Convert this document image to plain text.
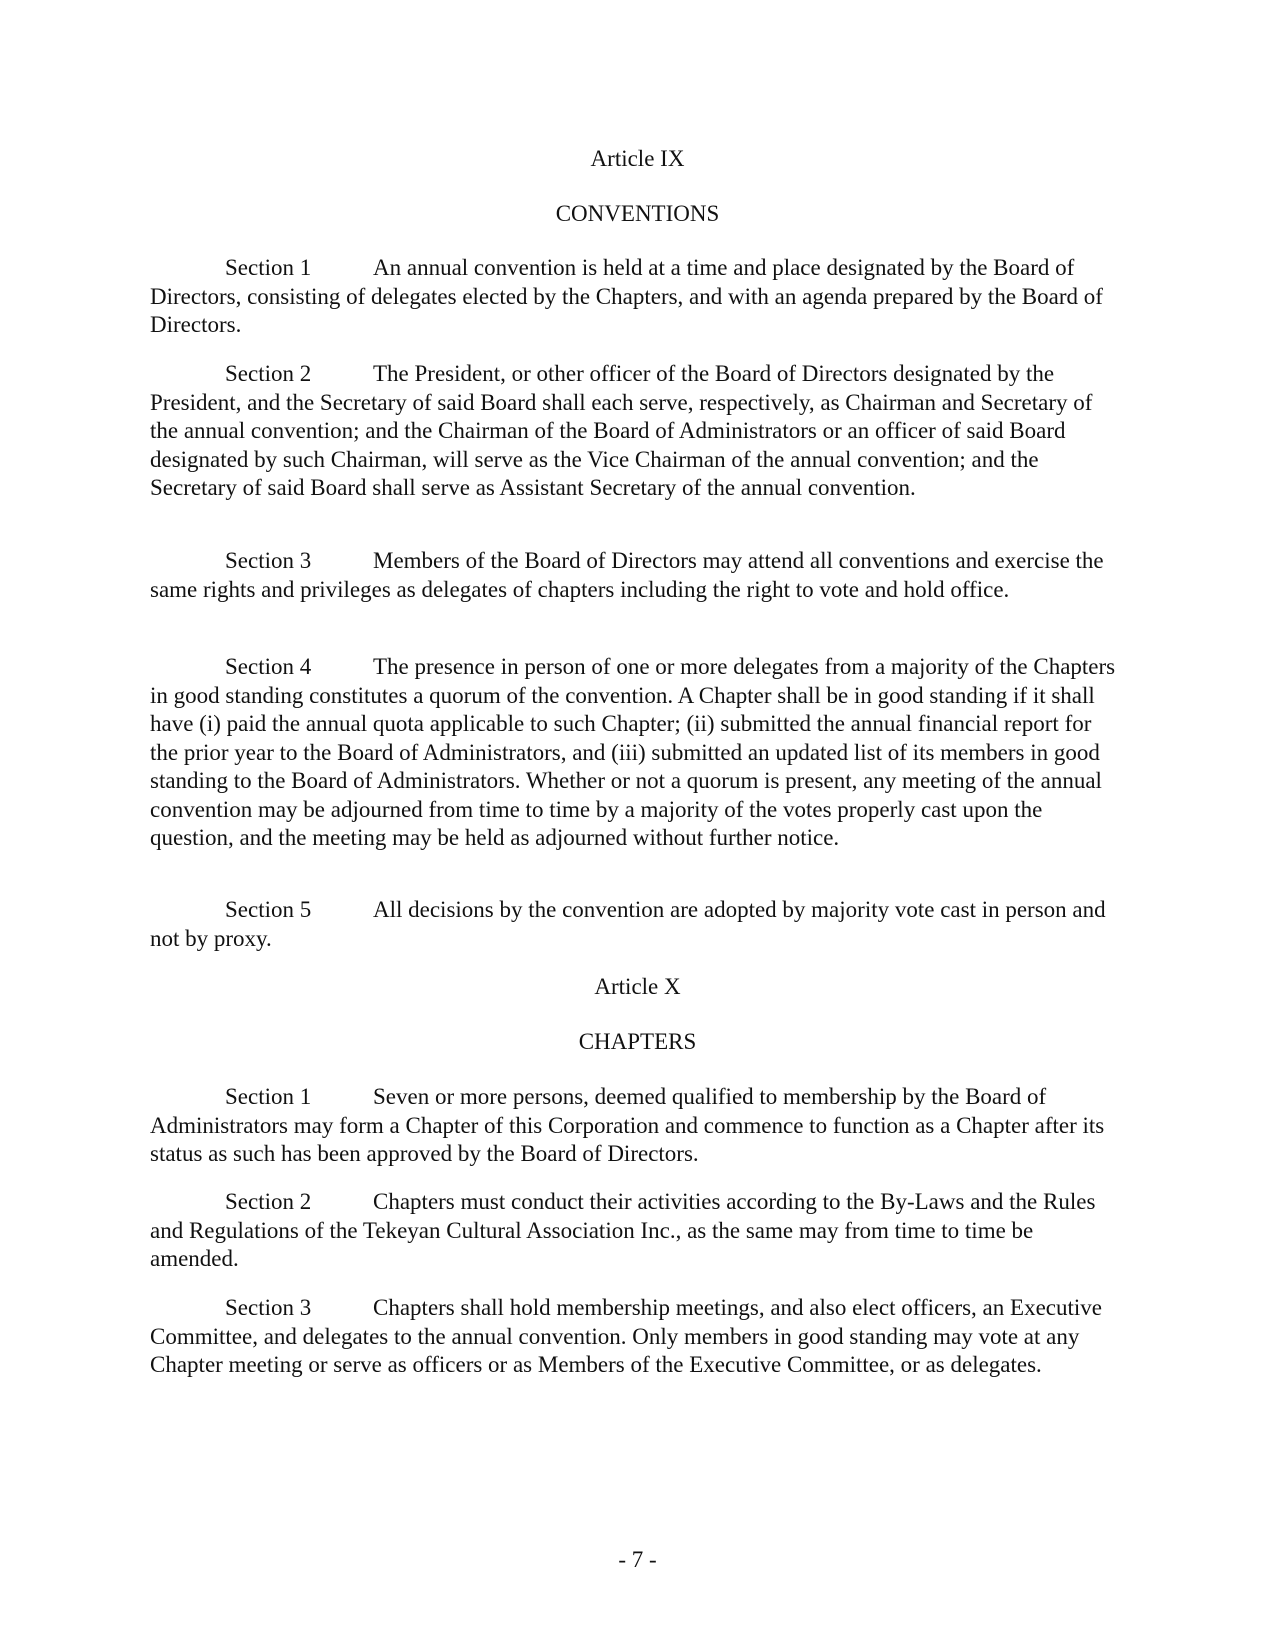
Article IX
CONVENTIONS
Section 1	An annual convention is held at a time and place designated by the Board of Directors, consisting of delegates elected by the Chapters, and with an agenda prepared by the Board of Directors.
Section 2	The President, or other officer of the Board of Directors designated by the President, and the Secretary of said Board shall each serve, respectively, as Chairman and Secretary of the annual convention; and the Chairman of the Board of Administrators or an officer of said Board designated by such Chairman, will serve as the Vice Chairman of the annual convention; and the Secretary of said Board shall serve as Assistant Secretary of the annual convention.
Section 3	Members of the Board of Directors may attend all conventions and exercise the same rights and privileges as delegates of chapters including the right to vote and hold office.
Section 4	The presence in person of one or more delegates from a majority of the Chapters in good standing constitutes a quorum of the convention. A Chapter shall be in good standing if it shall have (i) paid the annual quota applicable to such Chapter; (ii) submitted the annual financial report for the prior year to the Board of Administrators, and (iii) submitted an updated list of its members in good standing to the Board of Administrators. Whether or not a quorum is present, any meeting of the annual convention may be adjourned from time to time by a majority of the votes properly cast upon the question, and the meeting may be held as adjourned without further notice.
Section 5	All decisions by the convention are adopted by majority vote cast in person and not by proxy.
Article X
CHAPTERS
Section 1	Seven or more persons, deemed qualified to membership by the Board of Administrators may form a Chapter of this Corporation and commence to function as a Chapter after its status as such has been approved by the Board of Directors.
Section 2	Chapters must conduct their activities according to the By-Laws and the Rules and Regulations of the Tekeyan Cultural Association Inc., as the same may from time to time be amended.
Section 3	Chapters shall hold membership meetings, and also elect officers, an Executive Committee, and delegates to the annual convention. Only members in good standing may vote at any Chapter meeting or serve as officers or as Members of the Executive Committee, or as delegates.
- 7 -
